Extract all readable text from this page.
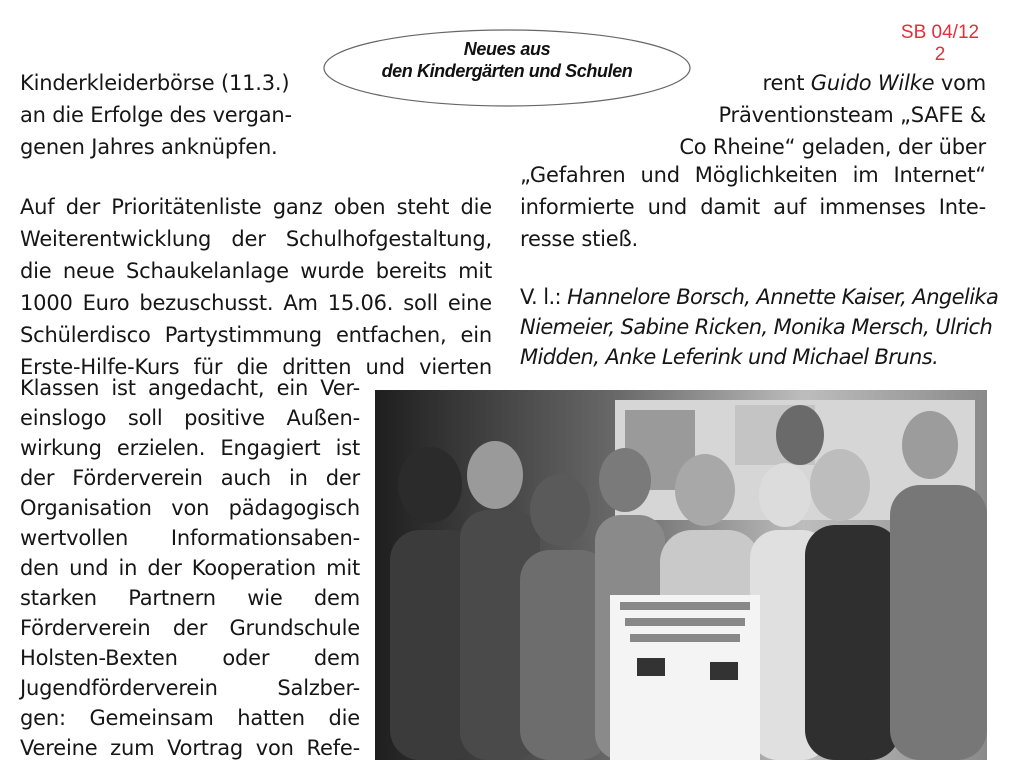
SB 04/12
2
Neues aus
den Kindergärten und Schulen
Kinderkleiderbörse (11.3.)
an die Erfolge des vergan-
genen Jahres anknüpfen.
Auf der Prioritätenliste ganz oben steht die
Weiterentwicklung der Schulhofgestaltung,
die neue Schaukelanlage wurde bereits mit
1000 Euro bezuschusst. Am 15.06. soll eine
Schülerdisco Partystimmung entfachen, ein
Erste-Hilfe-Kurs für die dritten und vierten
Klassen ist angedacht, ein Ver-
einslogo soll positive Außen-
wirkung erzielen. Engagiert ist
der Förderverein auch in der
Organisation von pädagogisch
wertvollen Informationsaben-
den und in der Kooperation mit
starken Partnern wie dem
Förderverein der Grundschule
Holsten-Bexten oder dem
Jugendförderverein Salzber-
gen: Gemeinsam hatten die
Vereine zum Vortrag von Refe-
rent Guido Wilke vom
Präventionsteam „SAFE &
Co Rheine“ geladen, der über
„Gefahren und Möglichkeiten im Internet“
informierte und damit auf immenses Inte-
resse stieß.
V. l.: Hannelore Borsch, Annette Kaiser, Angelika
Niemeier, Sabine Ricken, Monika Mersch, Ulrich
Midden, Anke Leferink und Michael Bruns.
